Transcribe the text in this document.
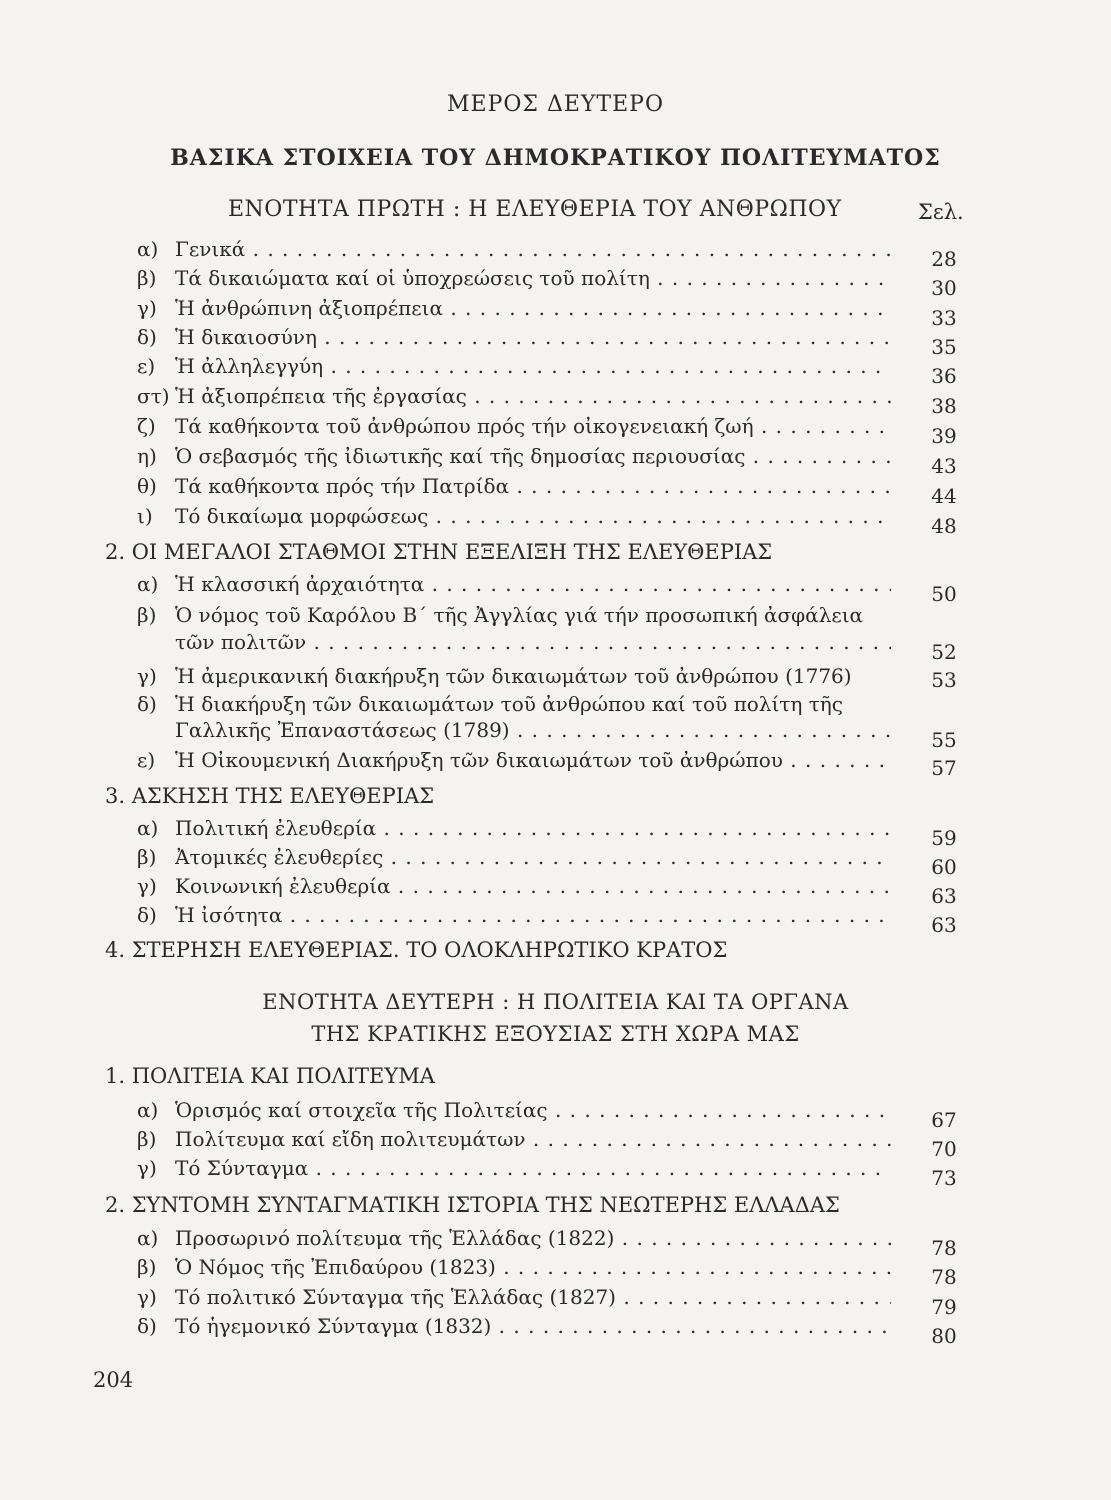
ΜΕΡΟΣ ΔΕΥΤΕΡΟ
ΒΑΣΙΚΑ ΣΤΟΙΧΕΙΑ ΤΟΥ ΔΗΜΟΚΡΑΤΙΚΟΥ ΠΟΛΙΤΕΥΜΑΤΟΣ
ΕΝΟΤΗΤΑ ΠΡΩΤΗ : Η ΕΛΕΥΘΕΡΙΑ ΤΟΥ ΑΝΘΡΩΠΟΥ	Σελ.
α) Γενικά . . .	28
β) Τά δικαιώματα καί οἱ ὑποχρεώσεις τοῦ πολίτη . . .	30
γ) Ἡ ἀνθρώπινη ἀξιοπρέπεια . . .	33
δ) Ἡ δικαιοσύνη . . .	35
ε) Ἡ ἀλληλεγγύη . . .	36
στ) Ἡ ἀξιοπρέπεια τῆς ἐργασίας . . .	38
ζ) Τά καθήκοντα τοῦ ἀνθρώπου πρός τήν οἰκογενειακή ζωή . . .	39
η) Ὁ σεβασμός τῆς ἰδιωτικῆς καί τῆς δημοσίας περιουσίας . . .	43
θ) Τά καθήκοντα πρός τήν Πατρίδα . . .	44
ι) Τό δικαίωμα μορφώσεως . . .	48
2. ΟΙ ΜΕΓΑΛΟΙ ΣΤΑΘΜΟΙ ΣΤΗΝ ΕΞΕΛΙΞΗ ΤΗΣ ΕΛΕΥΘΕΡΙΑΣ
α) Ἡ κλασσική ἀρχαιότητα . . .	50
β) Ὁ νόμος τοῦ Καρόλου Β΄ τῆς Ἀγγλίας γιά τήν προσωπική ἀσφάλεια
τῶν πολιτῶν . . .	52
γ) Ἡ ἀμερικανική διακήρυξη τῶν δικαιωμάτων τοῦ ἀνθρώπου (1776)	53
δ) Ἡ διακήρυξη τῶν δικαιωμάτων τοῦ ἀνθρώπου καί τοῦ πολίτη τῆς
Γαλλικῆς Ἐπαναστάσεως (1789) . . .	55
ε) Ἡ Οἰκουμενική Διακήρυξη τῶν δικαιωμάτων τοῦ ἀνθρώπου . . .	57
3. ΑΣΚΗΣΗ ΤΗΣ ΕΛΕΥΘΕΡΙΑΣ
α) Πολιτική ἐλευθερία . . .	59
β) Ἀτομικές ἐλευθερίες . . .	60
γ) Κοινωνική ἐλευθερία . . .	63
δ) Ἡ ἰσότητα . . .	63
4. ΣΤΕΡΗΣΗ ΕΛΕΥΘΕΡΙΑΣ. ΤΟ ΟΛΟΚΛΗΡΩΤΙΚΟ ΚΡΑΤΟΣ
ΕΝΟΤΗΤΑ ΔΕΥΤΕΡΗ : Η ΠΟΛΙΤΕΙΑ ΚΑΙ ΤΑ ΟΡΓΑΝΑ
ΤΗΣ ΚΡΑΤΙΚΗΣ ΕΞΟΥΣΙΑΣ ΣΤΗ ΧΩΡΑ ΜΑΣ
1. ΠΟΛΙΤΕΙΑ ΚΑΙ ΠΟΛΙΤΕΥΜΑ
α) Ὁρισμός καί στοιχεῖα τῆς Πολιτείας . . .	67
β) Πολίτευμα καί εἴδη πολιτευμάτων . . .	70
γ) Τό Σύνταγμα . . .	73
2. ΣΥΝΤΟΜΗ ΣΥΝΤΑΓΜΑΤΙΚΗ ΙΣΤΟΡΙΑ ΤΗΣ ΝΕΩΤΕΡΗΣ ΕΛΛΑΔΑΣ
α) Προσωρινό πολίτευμα τῆς Ἑλλάδας (1822) . . .	78
β) Ὁ Νόμος τῆς Ἐπιδαύρου (1823) . . .	78
γ) Τό πολιτικό Σύνταγμα τῆς Ἑλλάδας (1827) . . .	79
δ) Τό ἡγεμονικό Σύνταγμα (1832) . . .	80
204
